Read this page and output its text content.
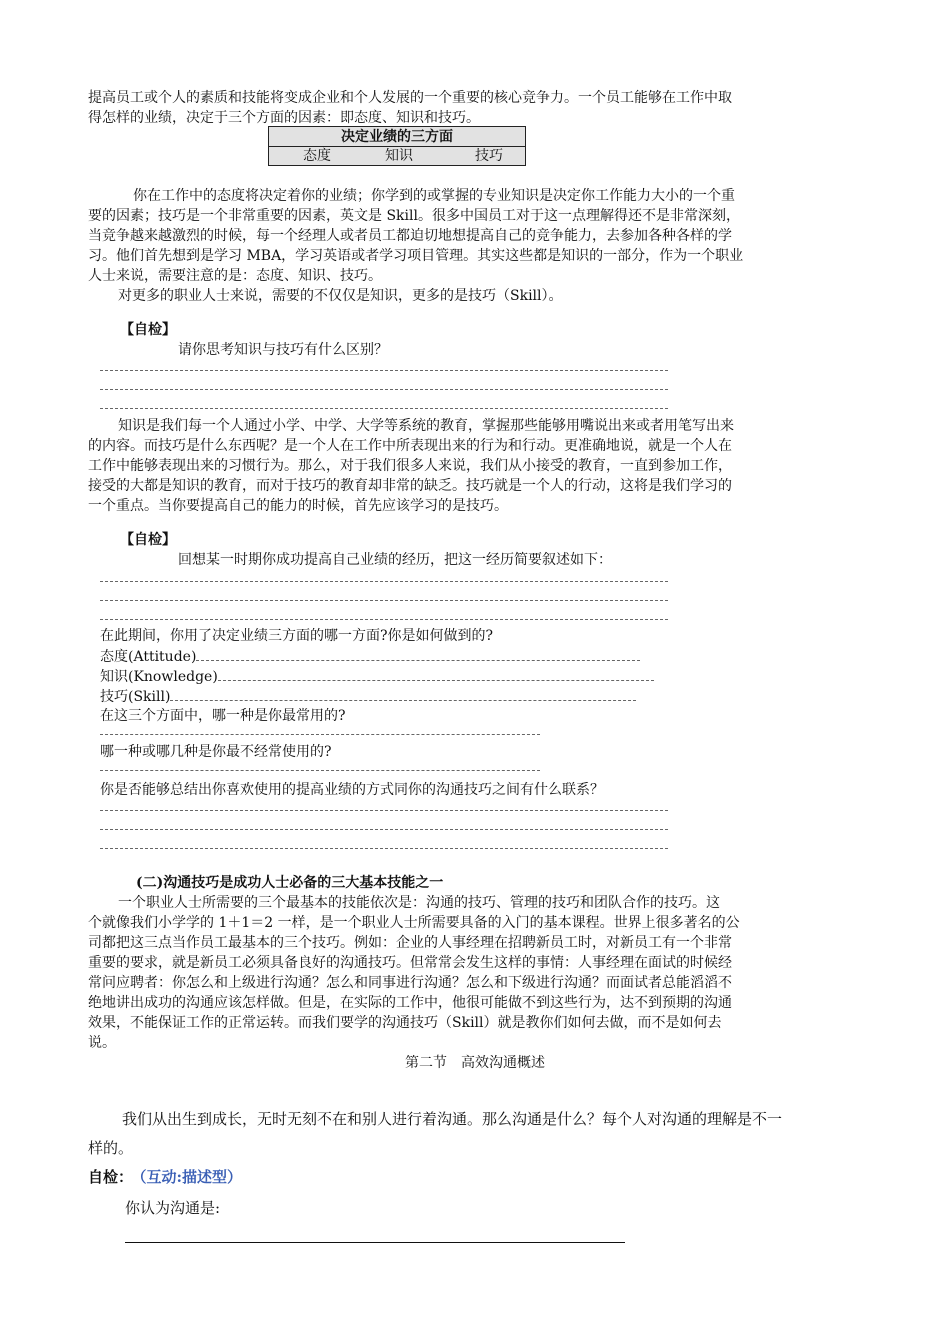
提高员工或个人的素质和技能将变成企业和个人发展的一个重要的核心竞争力。一个员工能够在工作中取

得怎样的业绩，决定于三个方面的因素：即态度、知识和技巧。

决定业绩的三方面
态度	知识	技巧

你在工作中的态度将决定着你的业绩；你学到的或掌握的专业知识是决定你工作能力大小的一个重

要的因素；技巧是一个非常重要的因素，英文是 Skill。很多中国员工对于这一点理解得还不是非常深刻，

当竞争越来越激烈的时候，每一个经理人或者员工都迫切地想提高自己的竞争能力，去参加各种各样的学

习。他们首先想到是学习 MBA，学习英语或者学习项目管理。其实这些都是知识的一部分，作为一个职业

人士来说，需要注意的是：态度、知识、技巧。

对更多的职业人士来说，需要的不仅仅是知识，更多的是技巧（Skill）。

【自检】

请你思考知识与技巧有什么区别？

知识是我们每一个人通过小学、中学、大学等系统的教育，掌握那些能够用嘴说出来或者用笔写出来

的内容。而技巧是什么东西呢？是一个人在工作中所表现出来的行为和行动。更准确地说，就是一个人在

工作中能够表现出来的习惯行为。那么，对于我们很多人来说，我们从小接受的教育，一直到参加工作，

接受的大都是知识的教育，而对于技巧的教育却非常的缺乏。技巧就是一个人的行动，这将是我们学习的

一个重点。当你要提高自己的能力的时候，首先应该学习的是技巧。

【自检】

回想某一时期你成功提高自己业绩的经历，把这一经历简要叙述如下：

在此期间，你用了决定业绩三方面的哪一方面?你是如何做到的?

态度(Attitude)

知识(Knowledge)

技巧(Skill)

在这三个方面中，哪一种是你最常用的?

哪一种或哪几种是你最不经常使用的?

你是否能够总结出你喜欢使用的提高业绩的方式同你的沟通技巧之间有什么联系？

(二)沟通技巧是成功人士必备的三大基本技能之一

一个职业人士所需要的三个最基本的技能依次是：沟通的技巧、管理的技巧和团队合作的技巧。这

个就像我们小学学的 1＋1＝2 一样，是一个职业人士所需要具备的入门的基本课程。世界上很多著名的公

司都把这三点当作员工最基本的三个技巧。例如：企业的人事经理在招聘新员工时，对新员工有一个非常

重要的要求，就是新员工必须具备良好的沟通技巧。但常常会发生这样的事情：人事经理在面试的时候经

常问应聘者：你怎么和上级进行沟通？怎么和同事进行沟通？怎么和下级进行沟通？而面试者总能滔滔不

绝地讲出成功的沟通应该怎样做。但是，在实际的工作中，他很可能做不到这些行为，达不到预期的沟通

效果，不能保证工作的正常运转。而我们要学的沟通技巧（Skill）就是教你们如何去做，而不是如何去

说。

第二节　高效沟通概述

我们从出生到成长，无时无刻不在和别人进行着沟通。那么沟通是什么？每个人对沟通的理解是不一

样的。

自检： （互动:描述型）

你认为沟通是:
